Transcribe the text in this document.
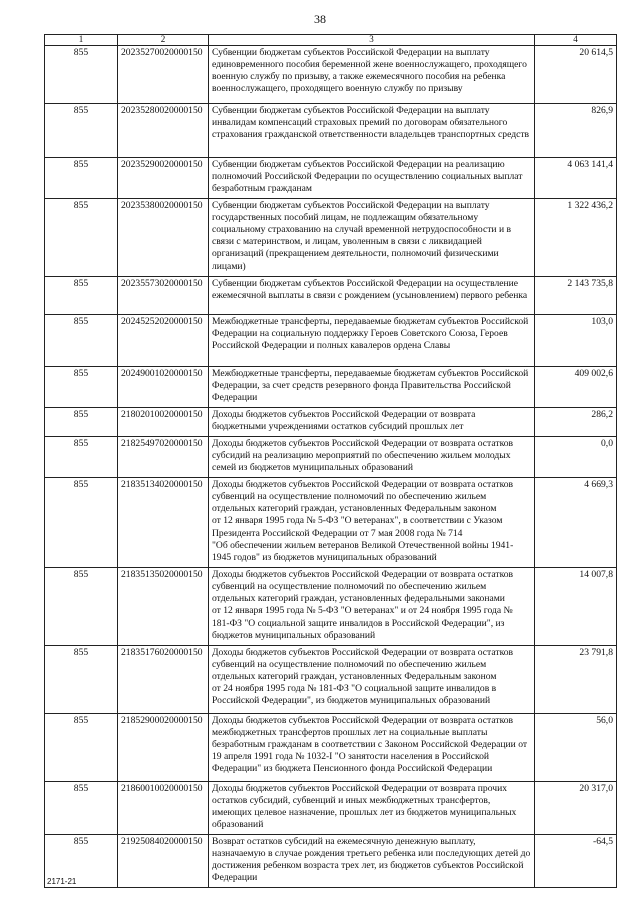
38
1	2	3	4
855	20235270020000150	Субвенции бюджетам субъектов Российской Федерации на выплату единовременного пособия беременной жене военнослужащего, проходящего военную службу по призыву, а также ежемесячного пособия на ребенка военнослужащего, проходящего военную службу по призыву	20 614,5
855	20235280020000150	Субвенции бюджетам субъектов Российской Федерации на выплату инвалидам компенсаций страховых премий по договорам обязательного страхования гражданской ответственности владельцев транспортных средств	826,9
855	20235290020000150	Субвенции бюджетам субъектов Российской Федерации на реализацию полномочий Российской Федерации по осуществлению социальных выплат безработным гражданам	4 063 141,4
855	20235380020000150	Субвенции бюджетам субъектов Российской Федерации на выплату государственных пособий лицам, не подлежащим обязательному социальному страхованию на случай временной нетрудоспособности и в связи с материнством, и лицам, уволенным в связи с ликвидацией организаций (прекращением деятельности, полномочий физическими лицами)	1 322 436,2
855	20235573020000150	Субвенции бюджетам субъектов Российской Федерации на осуществление ежемесячной выплаты в связи с рождением (усыновлением) первого ребенка	2 143 735,8
855	20245252020000150	Межбюджетные трансферты, передаваемые бюджетам субъектов Российской Федерации на социальную поддержку Героев Советского Союза, Героев Российской Федерации и полных кавалеров ордена Славы	103,0
855	20249001020000150	Межбюджетные трансферты, передаваемые бюджетам субъектов Российской Федерации, за счет средств резервного фонда Правительства Российской Федерации	409 002,6
855	21802010020000150	Доходы бюджетов субъектов Российской Федерации от возврата бюджетными учреждениями остатков субсидий прошлых лет	286,2
855	21825497020000150	Доходы бюджетов субъектов Российской Федерации от возврата остатков субсидий на реализацию мероприятий по обеспечению жильем молодых семей из бюджетов муниципальных образований	0,0
855	21835134020000150	Доходы бюджетов субъектов Российской Федерации от возврата остатков субвенций на осуществление полномочий по обеспечению жильем отдельных категорий граждан, установленных Федеральным законом
от 12 января 1995 года № 5-ФЗ "О ветеранах", в соответствии с Указом Президента Российской Федерации от 7 мая 2008 года № 714
"Об обеспечении жильем ветеранов Великой Отечественной войны 1941-1945 годов" из бюджетов муниципальных образований	4 669,3
855	21835135020000150	Доходы бюджетов субъектов Российской Федерации от возврата остатков субвенций на осуществление полномочий по обеспечению жильем отдельных категорий граждан, установленных федеральными законами
от 12 января 1995 года № 5-ФЗ "О ветеранах" и от 24 ноября 1995 года № 181-ФЗ "О социальной защите инвалидов в Российской Федерации", из бюджетов муниципальных образований	14 007,8
855	21835176020000150	Доходы бюджетов субъектов Российской Федерации от возврата остатков субвенций на осуществление полномочий по обеспечению жильем отдельных категорий граждан, установленных Федеральным законом
от 24 ноября 1995 года № 181-ФЗ "О социальной защите инвалидов в Российской Федерации", из бюджетов муниципальных образований	23 791,8
855	21852900020000150	Доходы бюджетов субъектов Российской Федерации от возврата остатков межбюджетных трансфертов прошлых лет на социальные выплаты безработным гражданам в соответствии с Законом Российской Федерации от 19 апреля 1991 года № 1032-I "О занятости населения в Российской Федерации" из бюджета Пенсионного фонда Российской Федерации	56,0
855	21860010020000150	Доходы бюджетов субъектов Российской Федерации от возврата прочих остатков субсидий, субвенций и иных межбюджетных трансфертов, имеющих целевое назначение, прошлых лет из бюджетов муниципальных образований	20 317,0
855	21925084020000150	Возврат остатков субсидий на ежемесячную денежную выплату, назначаемую в случае рождения третьего ребенка или последующих детей до достижения ребенком возраста трех лет, из бюджетов субъектов Российской Федерации	-64,5
2171-21
